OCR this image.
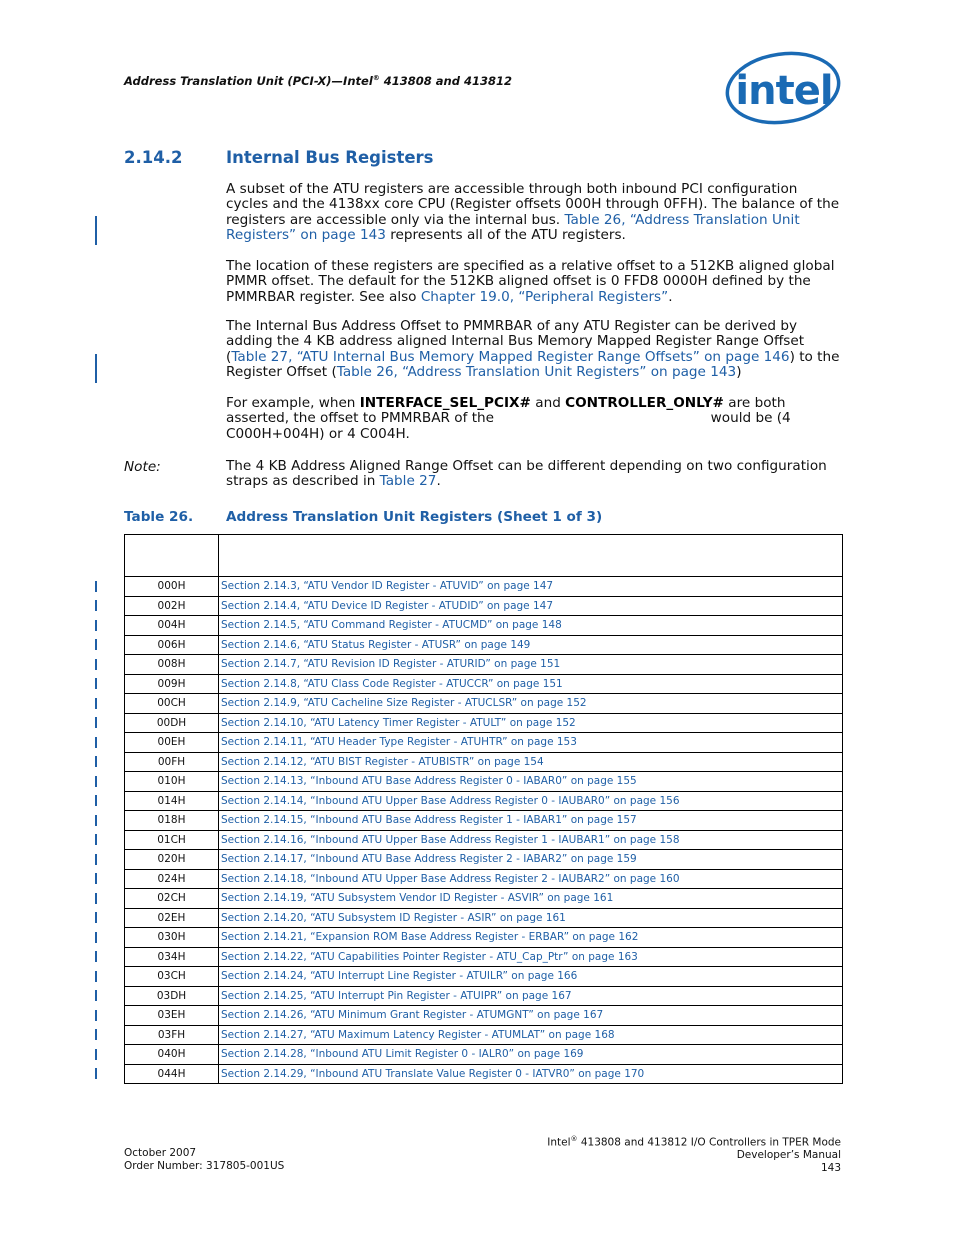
Address Translation Unit (PCI-X)—Intel® 413808 and 413812	intel
2.14.2	Internal Bus Registers
A subset of the ATU registers are accessible through both inbound PCI configuration cycles and the 4138xx core CPU (Register offsets 000H through 0FFH). The balance of the registers are accessible only via the internal bus. Table 26, “Address Translation Unit Registers” on page 143 represents all of the ATU registers.
The location of these registers are specified as a relative offset to a 512KB aligned global PMMR offset. The default for the 512KB aligned offset is 0 FFD8 0000H defined by the PMMRBAR register. See also Chapter 19.0, “Peripheral Registers”.
The Internal Bus Address Offset to PMMRBAR of any ATU Register can be derived by adding the 4 KB address aligned Internal Bus Memory Mapped Register Range Offset (Table 27, “ATU Internal Bus Memory Mapped Register Range Offsets” on page 146) to the Register Offset (Table 26, “Address Translation Unit Registers” on page 143)
For example, when INTERFACE_SEL_PCIX# and CONTROLLER_ONLY# are both asserted, the offset to PMMRBAR of the	would be (4 C000H+004H) or 4 C004H.
Note:	The 4 KB Address Aligned Range Offset can be different depending on two configuration straps as described in Table 27.
Table 26. Address Translation Unit Registers (Sheet 1 of 3)

000H	Section 2.14.3, “ATU Vendor ID Register - ATUVID” on page 147
002H	Section 2.14.4, “ATU Device ID Register - ATUDID” on page 147
004H	Section 2.14.5, “ATU Command Register - ATUCMD” on page 148
006H	Section 2.14.6, “ATU Status Register - ATUSR” on page 149
008H	Section 2.14.7, “ATU Revision ID Register - ATURID” on page 151
009H	Section 2.14.8, “ATU Class Code Register - ATUCCR” on page 151
00CH	Section 2.14.9, “ATU Cacheline Size Register - ATUCLSR” on page 152
00DH	Section 2.14.10, “ATU Latency Timer Register - ATULT” on page 152
00EH	Section 2.14.11, “ATU Header Type Register - ATUHTR” on page 153
00FH	Section 2.14.12, “ATU BIST Register - ATUBISTR” on page 154
010H	Section 2.14.13, “Inbound ATU Base Address Register 0 - IABAR0” on page 155
014H	Section 2.14.14, “Inbound ATU Upper Base Address Register 0 - IAUBAR0” on page 156
018H	Section 2.14.15, “Inbound ATU Base Address Register 1 - IABAR1” on page 157
01CH	Section 2.14.16, “Inbound ATU Upper Base Address Register 1 - IAUBAR1” on page 158
020H	Section 2.14.17, “Inbound ATU Base Address Register 2 - IABAR2” on page 159
024H	Section 2.14.18, “Inbound ATU Upper Base Address Register 2 - IAUBAR2” on page 160
02CH	Section 2.14.19, “ATU Subsystem Vendor ID Register - ASVIR” on page 161
02EH	Section 2.14.20, “ATU Subsystem ID Register - ASIR” on page 161
030H	Section 2.14.21, “Expansion ROM Base Address Register - ERBAR” on page 162
034H	Section 2.14.22, “ATU Capabilities Pointer Register - ATU_Cap_Ptr” on page 163
03CH	Section 2.14.24, “ATU Interrupt Line Register - ATUILR” on page 166
03DH	Section 2.14.25, “ATU Interrupt Pin Register - ATUIPR” on page 167
03EH	Section 2.14.26, “ATU Minimum Grant Register - ATUMGNT” on page 167
03FH	Section 2.14.27, “ATU Maximum Latency Register - ATUMLAT” on page 168
040H	Section 2.14.28, “Inbound ATU Limit Register 0 - IALR0” on page 169
044H	Section 2.14.29, “Inbound ATU Translate Value Register 0 - IATVR0” on page 170
October 2007
Order Number: 317805-001US
Intel® 413808 and 413812 I/O Controllers in TPER Mode
Developer’s Manual
143
